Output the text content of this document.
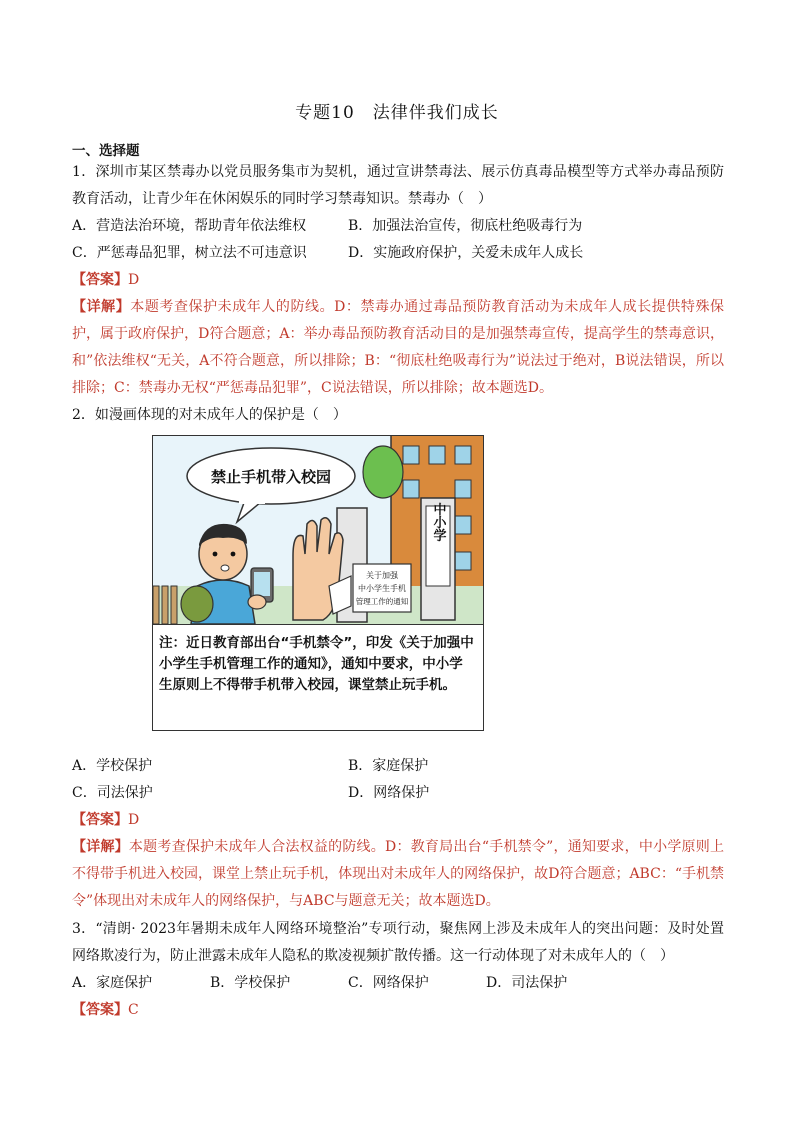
专题10　法律伴我们成长
一、选择题
1．深圳市某区禁毒办以党员服务集市为契机，通过宣讲禁毒法、展示仿真毒品模型等方式举办毒品预防教育活动，让青少年在休闲娱乐的同时学习禁毒知识。禁毒办（　）
A．营造法治环境，帮助青年依法维权	B．加强法治宣传，彻底杜绝吸毒行为
C．严惩毒品犯罪，树立法不可违意识	D．实施政府保护，关爱未成年人成长
【答案】D
【详解】本题考查保护未成年人的防线。D：禁毒办通过毒品预防教育活动为未成年人成长提供特殊保护，属于政府保护，D符合题意；A：举办毒品预防教育活动目的是加强禁毒宣传，提高学生的禁毒意识，和”依法维权“无关，A不符合题意，所以排除；B：“彻底杜绝吸毒行为”说法过于绝对，B说法错误，所以排除；C：禁毒办无权“严惩毒品犯罪”，C说法错误，所以排除；故本题选D。
2．如漫画体现的对未成年人的保护是（　）
禁止手机带入校园
中小学
关于加强
中小学生手机
管理工作的通知
注：近日教育部出台“手机禁令”，印发《关于加强中小学生手机管理工作的通知》，通知中要求，中小学生原则上不得带手机带入校园，课堂禁止玩手机。
A．学校保护	B．家庭保护
C．司法保护	D．网络保护
【答案】D
【详解】本题考查保护未成年人合法权益的防线。D：教育局出台“手机禁令”，通知要求，中小学原则上不得带手机进入校园，课堂上禁止玩手机，体现出对未成年人的网络保护，故D符合题意；ABC：“手机禁令”体现出对未成年人的网络保护，与ABC与题意无关；故本题选D。
3．“清朗· 2023年暑期未成年人网络环境整治”专项行动，聚焦网上涉及未成年人的突出问题：及时处置网络欺凌行为，防止泄露未成年人隐私的欺凌视频扩散传播。这一行动体现了对未成年人的（　）
A．家庭保护	B．学校保护	C．网络保护	D．司法保护
【答案】C
